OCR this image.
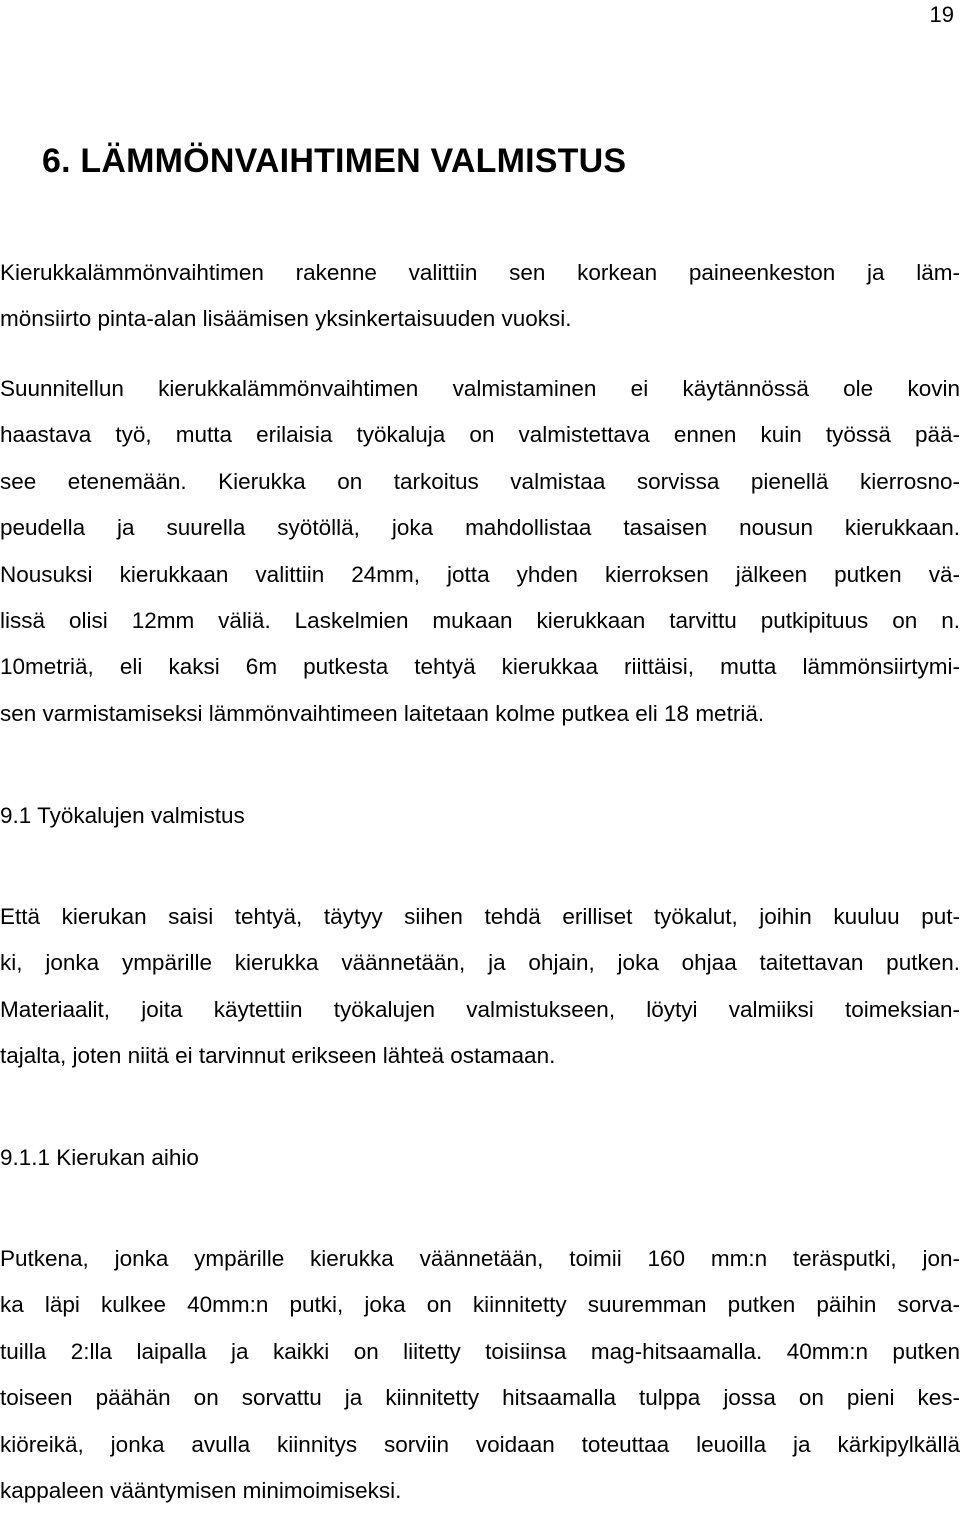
19
6. LÄMMÖNVAIHTIMEN VALMISTUS
Kierukkalämmönvaihtimen rakenne valittiin sen korkean paineenkeston ja läm-
mönsiirto pinta-alan lisäämisen yksinkertaisuuden vuoksi.
Suunnitellun kierukkalämmönvaihtimen valmistaminen ei käytännössä ole kovin
haastava työ, mutta erilaisia työkaluja on valmistettava ennen kuin työssä pää-
see etenemään. Kierukka on tarkoitus valmistaa sorvissa pienellä kierrosno-
peudella ja suurella syötöllä, joka mahdollistaa tasaisen nousun kierukkaan.
Nousuksi kierukkaan valittiin 24mm, jotta yhden kierroksen jälkeen putken vä-
lissä olisi 12mm väliä. Laskelmien mukaan kierukkaan tarvittu putkipituus on n.
10metriä, eli kaksi 6m putkesta tehtyä kierukkaa riittäisi, mutta lämmönsiirtymi-
sen varmistamiseksi lämmönvaihtimeen laitetaan kolme putkea eli 18 metriä.
9.1 Työkalujen valmistus
Että kierukan saisi tehtyä, täytyy siihen tehdä erilliset työkalut, joihin kuuluu put-
ki, jonka ympärille kierukka väännetään, ja ohjain, joka ohjaa taitettavan putken.
Materiaalit, joita käytettiin työkalujen valmistukseen, löytyi valmiiksi toimeksian-
tajalta, joten niitä ei tarvinnut erikseen lähteä ostamaan.
9.1.1 Kierukan aihio
Putkena, jonka ympärille kierukka väännetään, toimii 160 mm:n teräsputki, jon-
ka läpi kulkee 40mm:n putki, joka on kiinnitetty suuremman putken päihin sorva-
tuilla 2:lla laipalla ja kaikki on liitetty toisiinsa mag-hitsaamalla. 40mm:n putken
toiseen päähän on sorvattu ja kiinnitetty hitsaamalla tulppa jossa on pieni kes-
kiöreikä, jonka avulla kiinnitys sorviin voidaan toteuttaa leuoilla ja kärkipylkällä
kappaleen vääntymisen minimoimiseksi.
